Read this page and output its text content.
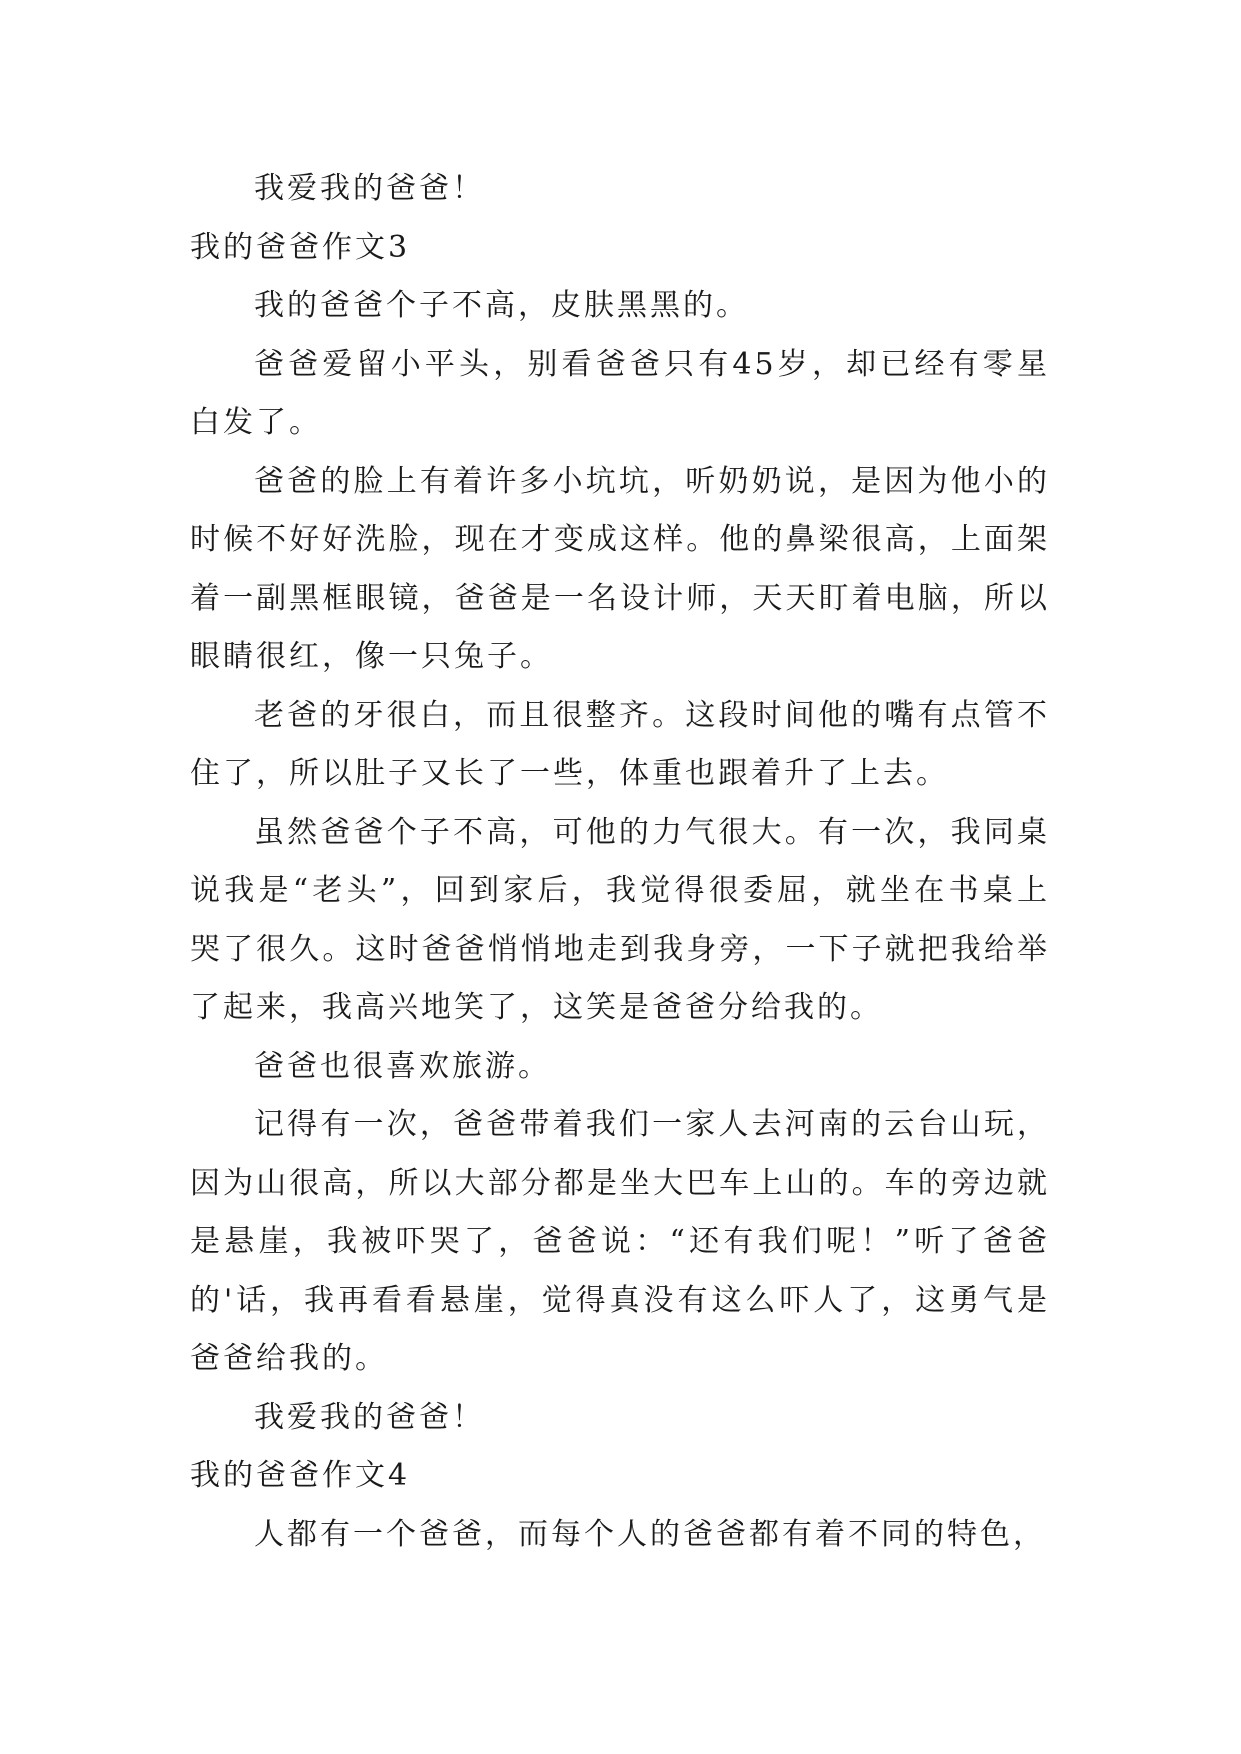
我爱我的爸爸！

我的爸爸作文3

我的爸爸个子不高，皮肤黑黑的。

爸爸爱留小平头，别看爸爸只有45岁，却已经有零星白发了。

爸爸的脸上有着许多小坑坑，听奶奶说，是因为他小的时候不好好洗脸，现在才变成这样。他的鼻梁很高，上面架着一副黑框眼镜，爸爸是一名设计师，天天盯着电脑，所以眼睛很红，像一只兔子。

老爸的牙很白，而且很整齐。这段时间他的嘴有点管不住了，所以肚子又长了一些，体重也跟着升了上去。

虽然爸爸个子不高，可他的力气很大。有一次，我同桌说我是“老头”，回到家后，我觉得很委屈，就坐在书桌上哭了很久。这时爸爸悄悄地走到我身旁，一下子就把我给举了起来，我高兴地笑了，这笑是爸爸分给我的。

爸爸也很喜欢旅游。

记得有一次，爸爸带着我们一家人去河南的云台山玩，因为山很高，所以大部分都是坐大巴车上山的。车的旁边就是悬崖，我被吓哭了，爸爸说：“还有我们呢！”听了爸爸的'话，我再看看悬崖，觉得真没有这么吓人了，这勇气是爸爸给我的。

我爱我的爸爸！

我的爸爸作文4

人都有一个爸爸，而每个人的爸爸都有着不同的特色，
